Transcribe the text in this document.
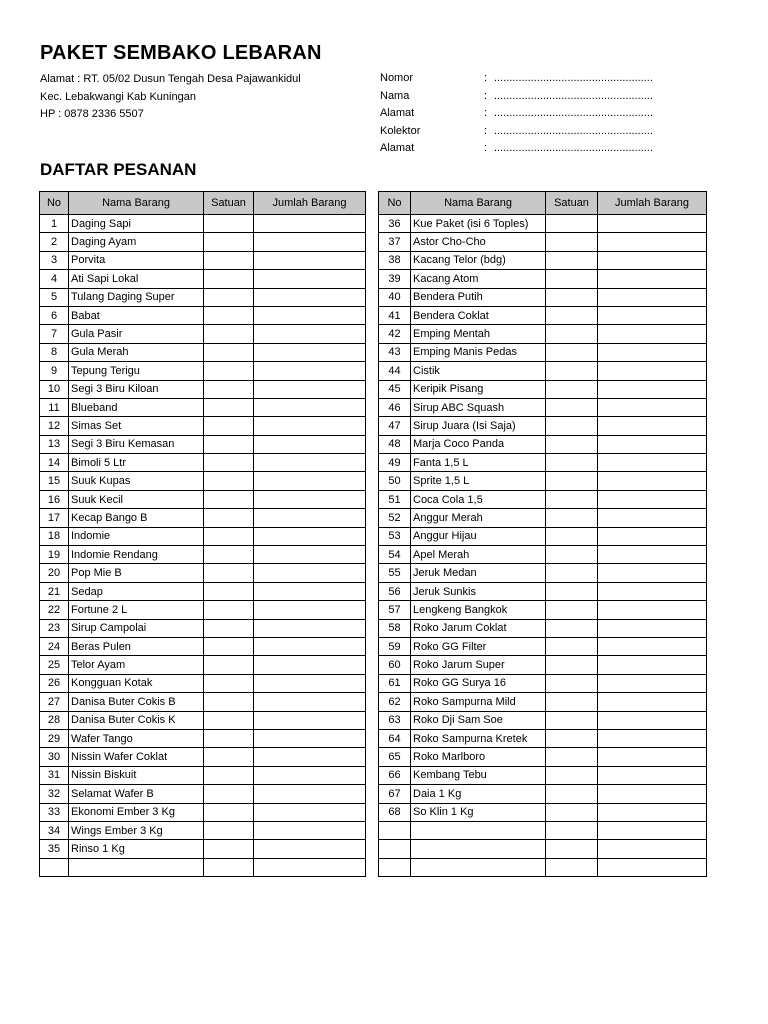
PAKET SEMBAKO LEBARAN
Alamat : RT. 05/02 Dusun Tengah Desa Pajawankidul
Kec. Lebakwangi Kab Kuningan
HP : 0878 2336 5507
Nomor	: ....................................................
Nama	: ....................................................
Alamat	: ....................................................
Kolektor	: ....................................................
Alamat	: ....................................................
DAFTAR PESANAN
No	Nama Barang	Satuan	Jumlah Barang
1	Daging Sapi		
2	Daging Ayam		
3	Porvita		
4	Ati Sapi Lokal		
5	Tulang Daging Super		
6	Babat		
7	Gula Pasir		
8	Gula Merah		
9	Tepung Terigu		
10	Segi 3 Biru Kiloan		
11	Blueband		
12	Simas Set		
13	Segi 3 Biru Kemasan		
14	Bimoli 5 Ltr		
15	Suuk Kupas		
16	Suuk Kecil		
17	Kecap Bango B		
18	Indomie		
19	Indomie Rendang		
20	Pop Mie B		
21	Sedap		
22	Fortune 2 L		
23	Sirup Campolai		
24	Beras Pulen		
25	Telor Ayam		
26	Kongguan Kotak		
27	Danisa Buter Cokis B		
28	Danisa Buter Cokis K		
29	Wafer Tango		
30	Nissin Wafer Coklat		
31	Nissin Biskuit		
32	Selamat Wafer B		
33	Ekonomi Ember 3 Kg		
34	Wings Ember 3 Kg		
35	Rinso 1 Kg		

No	Nama Barang	Satuan	Jumlah Barang
36	Kue Paket (isi 6 Toples)		
37	Astor Cho-Cho		
38	Kacang Telor (bdg)		
39	Kacang Atom		
40	Bendera Putih		
41	Bendera Coklat		
42	Emping Mentah		
43	Emping Manis Pedas		
44	Cistik		
45	Keripik Pisang		
46	Sirup ABC Squash		
47	Sirup Juara (Isi Saja)		
48	Marja Coco Panda		
49	Fanta 1,5 L		
50	Sprite 1,5 L		
51	Coca Cola 1,5		
52	Anggur Merah		
53	Anggur Hijau		
54	Apel Merah		
55	Jeruk Medan		
56	Jeruk Sunkis		
57	Lengkeng Bangkok		
58	Roko Jarum Coklat		
59	Roko GG Filter		
60	Roko Jarum Super		
61	Roko GG Surya 16		
62	Roko Sampurna Mild		
63	Roko Dji Sam Soe		
64	Roko Sampurna Kretek		
65	Roko Marlboro		
66	Kembang Tebu		
67	Daia 1 Kg		
68	So Klin 1 Kg		
